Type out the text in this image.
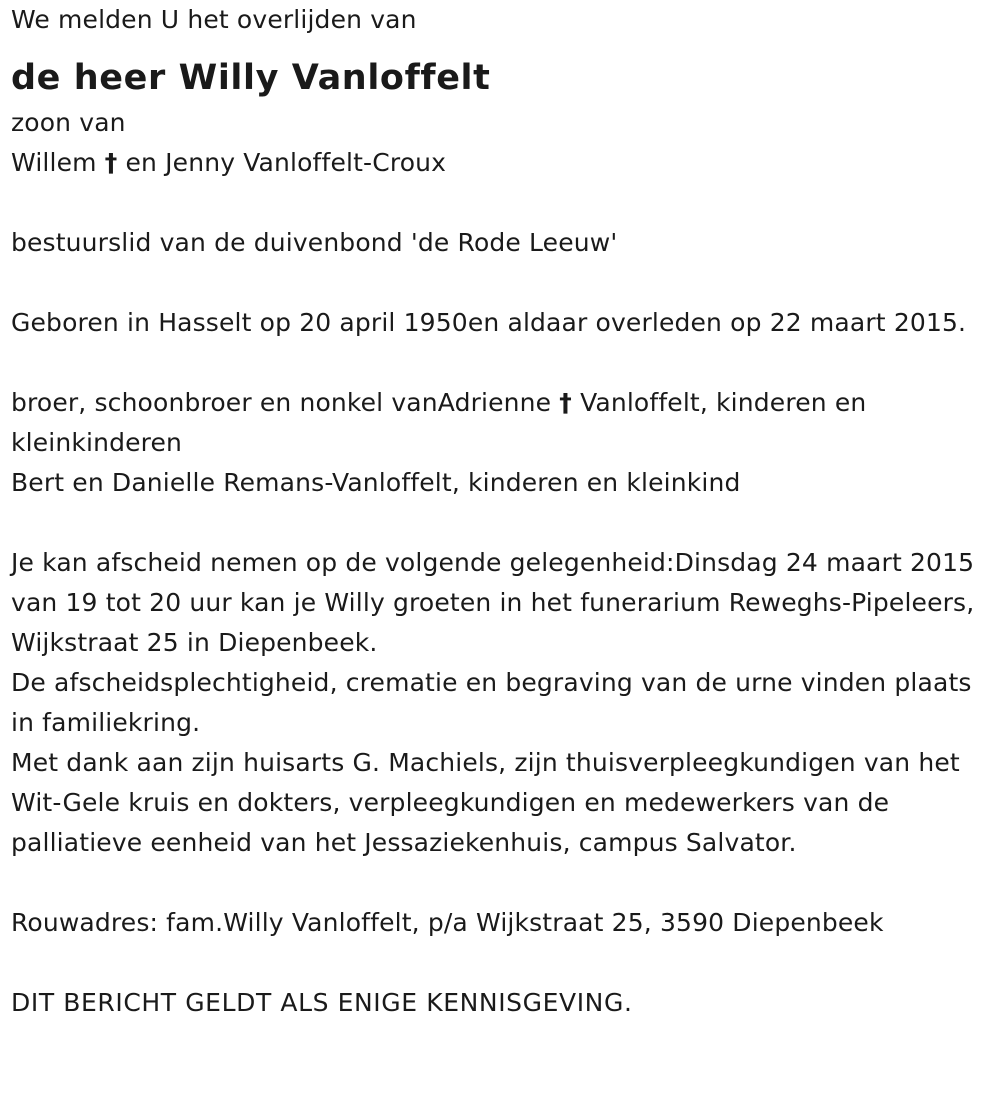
We melden U het overlijden van
de heer Willy Vanloffelt
zoon van
Willem † en Jenny Vanloffelt-Croux
bestuurslid van de duivenbond 'de Rode Leeuw'
Geboren in Hasselt op 20 april 1950en aldaar overleden op 22 maart 2015.
broer, schoonbroer en nonkel vanAdrienne † Vanloffelt, kinderen en kleinkinderen
Bert en Danielle Remans-Vanloffelt, kinderen en kleinkind
Je kan afscheid nemen op de volgende gelegenheid:Dinsdag 24 maart 2015 van 19 tot 20 uur kan je Willy groeten in het funerarium Reweghs-Pipeleers, Wijkstraat 25 in Diepenbeek.
De afscheidsplechtigheid, crematie en begraving van de urne vinden plaats in familiekring.
Met dank aan zijn huisarts G. Machiels, zijn thuisverpleegkundigen van het Wit-Gele kruis en dokters, verpleegkundigen en medewerkers van de palliatieve eenheid van het Jessaziekenhuis, campus Salvator.
Rouwadres: fam.Willy Vanloffelt, p/a Wijkstraat 25, 3590 Diepenbeek
DIT BERICHT GELDT ALS ENIGE KENNISGEVING.
